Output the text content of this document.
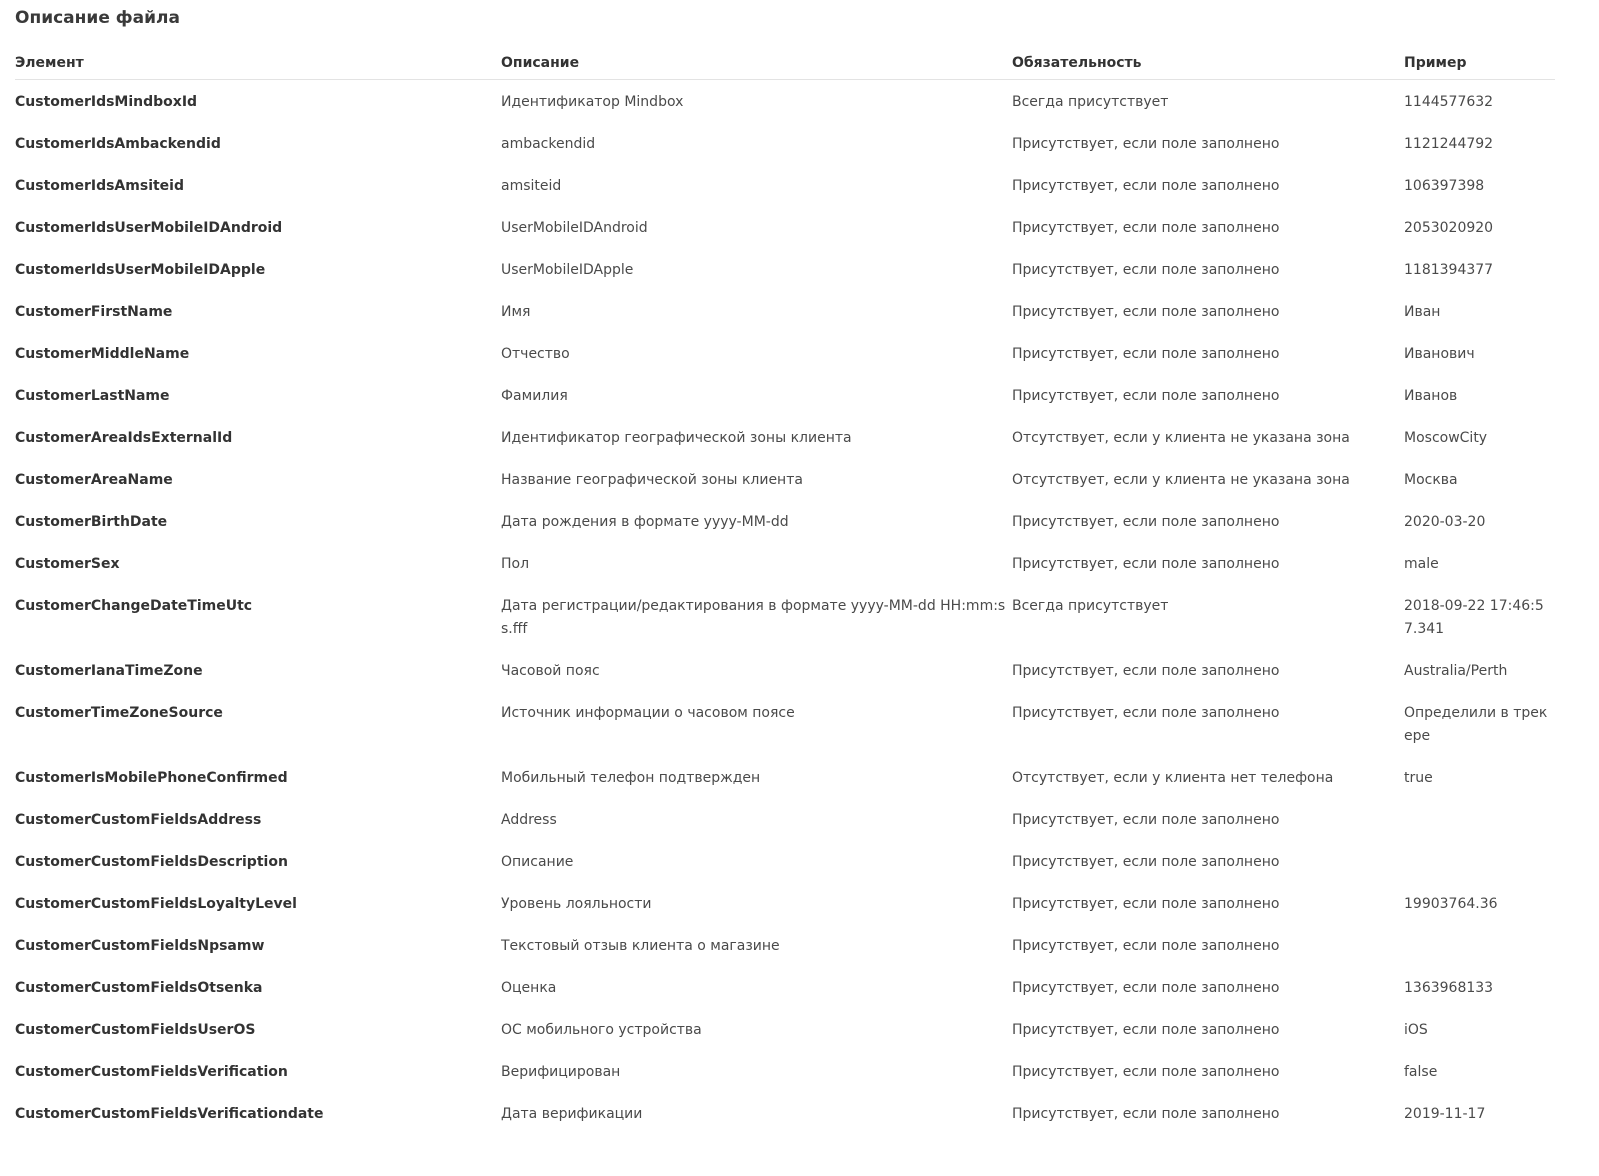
Описание файла
Элемент	Описание	Обязательность	Пример
CustomerIdsMindboxId	Идентификатор Mindbox	Всегда присутствует	1144577632
CustomerIdsAmbackendid	ambackendid	Присутствует, если поле заполнено	1121244792
CustomerIdsAmsiteid	amsiteid	Присутствует, если поле заполнено	106397398
CustomerIdsUserMobileIDAndroid	UserMobileIDAndroid	Присутствует, если поле заполнено	2053020920
CustomerIdsUserMobileIDApple	UserMobileIDApple	Присутствует, если поле заполнено	1181394377
CustomerFirstName	Имя	Присутствует, если поле заполнено	Иван
CustomerMiddleName	Отчество	Присутствует, если поле заполнено	Иванович
CustomerLastName	Фамилия	Присутствует, если поле заполнено	Иванов
CustomerAreaIdsExternalId	Идентификатор географической зоны клиента	Отсутствует, если у клиента не указана зона	MoscowCity
CustomerAreaName	Название географической зоны клиента	Отсутствует, если у клиента не указана зона	Москва
CustomerBirthDate	Дата рождения в формате yyyy-MM-dd	Присутствует, если поле заполнено	2020-03-20
CustomerSex	Пол	Присутствует, если поле заполнено	male
CustomerChangeDateTimeUtc	Дата регистрации/редактирования в формате yyyy-MM-dd HH:mm:ss.fff	Всегда присутствует	2018-09-22 17:46:57.341
CustomerIanaTimeZone	Часовой пояс	Присутствует, если поле заполнено	Australia/Perth
CustomerTimeZoneSource	Источник информации о часовом поясе	Присутствует, если поле заполнено	Определили в трекере
CustomerIsMobilePhoneConfirmed	Мобильный телефон подтвержден	Отсутствует, если у клиента нет телефона	true
CustomerCustomFieldsAddress	Address	Присутствует, если поле заполнено	
CustomerCustomFieldsDescription	Описание	Присутствует, если поле заполнено	
CustomerCustomFieldsLoyaltyLevel	Уровень лояльности	Присутствует, если поле заполнено	19903764.36
CustomerCustomFieldsNpsamw	Текстовый отзыв клиента о магазине	Присутствует, если поле заполнено	
CustomerCustomFieldsOtsenka	Оценка	Присутствует, если поле заполнено	1363968133
CustomerCustomFieldsUserOS	ОС мобильного устройства	Присутствует, если поле заполнено	iOS
CustomerCustomFieldsVerification	Верифицирован	Присутствует, если поле заполнено	false
CustomerCustomFieldsVerificationdate	Дата верификации	Присутствует, если поле заполнено	2019-11-17
